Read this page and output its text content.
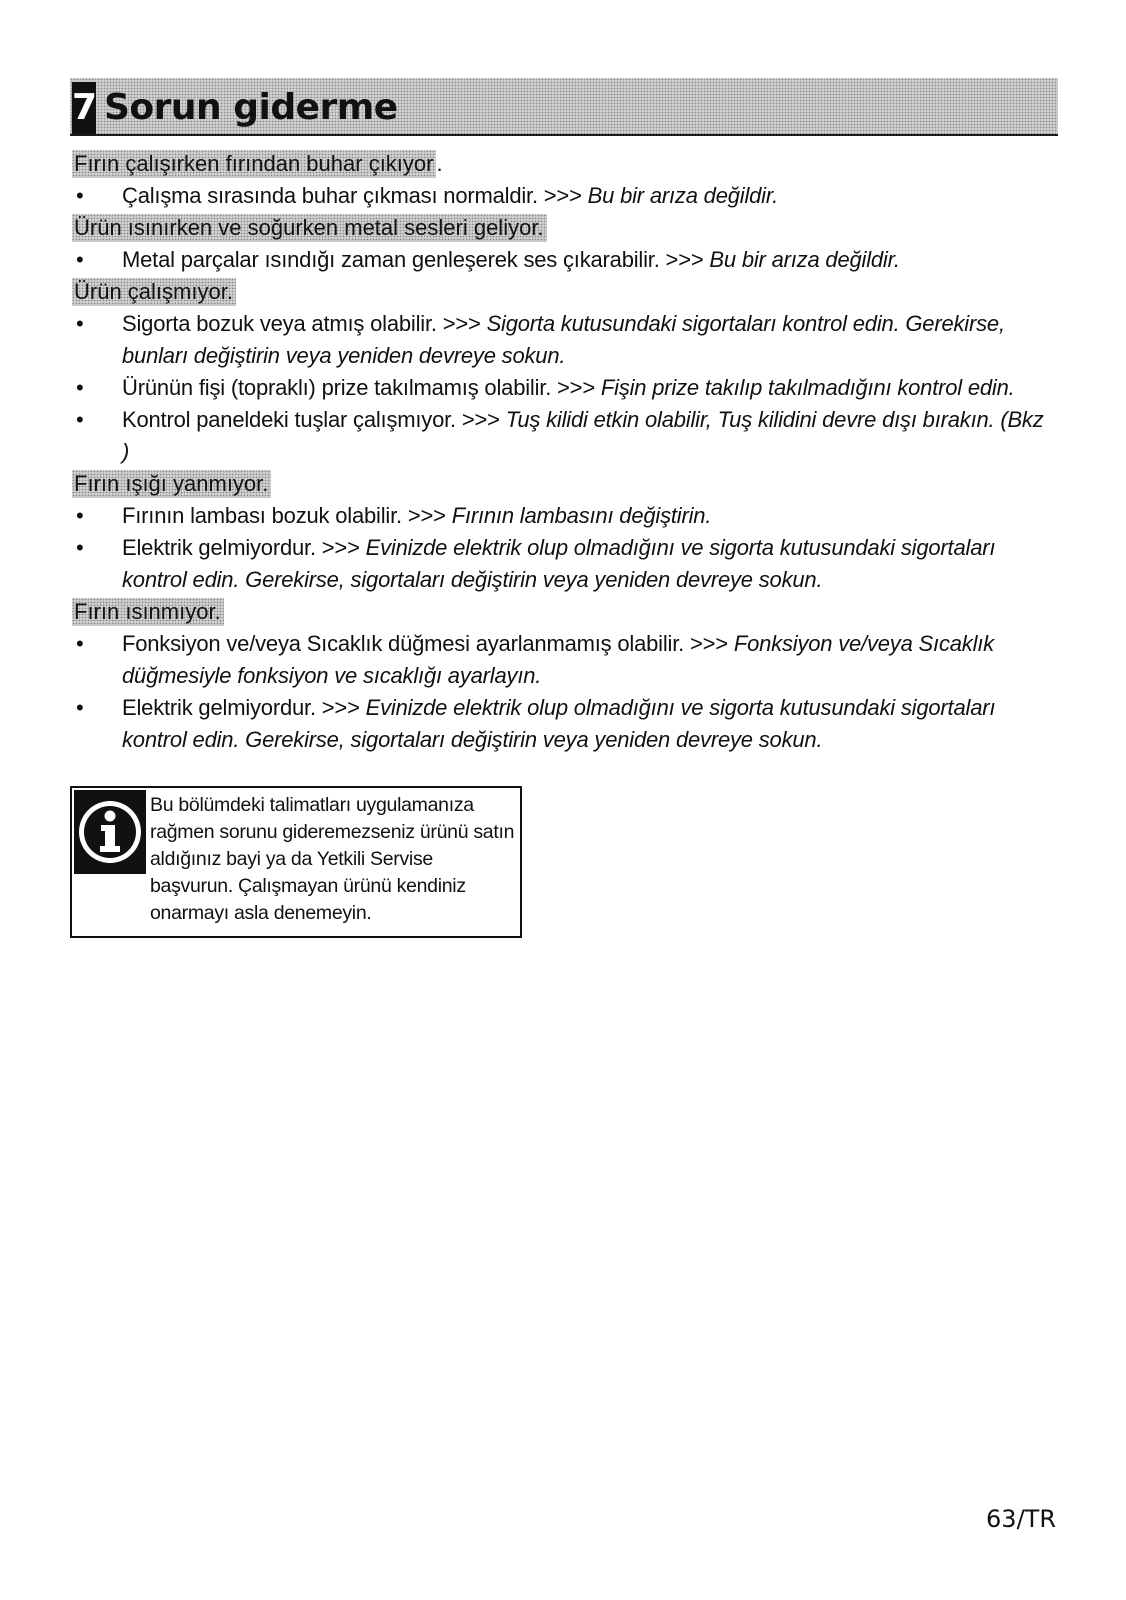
7 Sorun giderme
Fırın çalışırken fırından buhar çıkıyor .
• Çalışma sırasında buhar çıkması normaldir. >>> Bu bir arıza değildir.
Ürün ısınırken ve soğurken metal sesleri geliyor.
• Metal parçalar ısındığı zaman genleşerek ses çıkarabilir. >>> Bu bir arıza değildir.
Ürün çalışmıyor.
• Sigorta bozuk veya atmış olabilir. >>> Sigorta kutusundaki sigortaları kontrol edin. Gerekirse, bunları değiştirin veya yeniden devreye sokun.
• Ürünün fişi (topraklı) prize takılmamış olabilir. >>> Fişin prize takılıp takılmadığını kontrol edin.
• Kontrol paneldeki tuşlar çalışmıyor. >>> Tuş kilidi etkin olabilir, Tuş kilidini devre dışı bırakın. (Bkz )
Fırın ışığı yanmıyor.
• Fırının lambası bozuk olabilir. >>> Fırının lambasını değiştirin.
• Elektrik gelmiyordur. >>> Evinizde elektrik olup olmadığını ve sigorta kutusundaki sigortaları kontrol edin. Gerekirse, sigortaları değiştirin veya yeniden devreye sokun.
Fırın ısınmıyor.
• Fonksiyon ve/veya Sıcaklık düğmesi ayarlanmamış olabilir. >>> Fonksiyon ve/veya Sıcaklık düğmesiyle fonksiyon ve sıcaklığı ayarlayın.
• Elektrik gelmiyordur. >>> Evinizde elektrik olup olmadığını ve sigorta kutusundaki sigortaları kontrol edin. Gerekirse, sigortaları değiştirin veya yeniden devreye sokun.
Bu bölümdeki talimatları uygulamanıza rağmen sorunu gideremezseniz ürünü satın aldığınız bayi ya da Yetkili Servise başvurun. Çalışmayan ürünü kendiniz onarmayı asla denemeyin.
63/TR
